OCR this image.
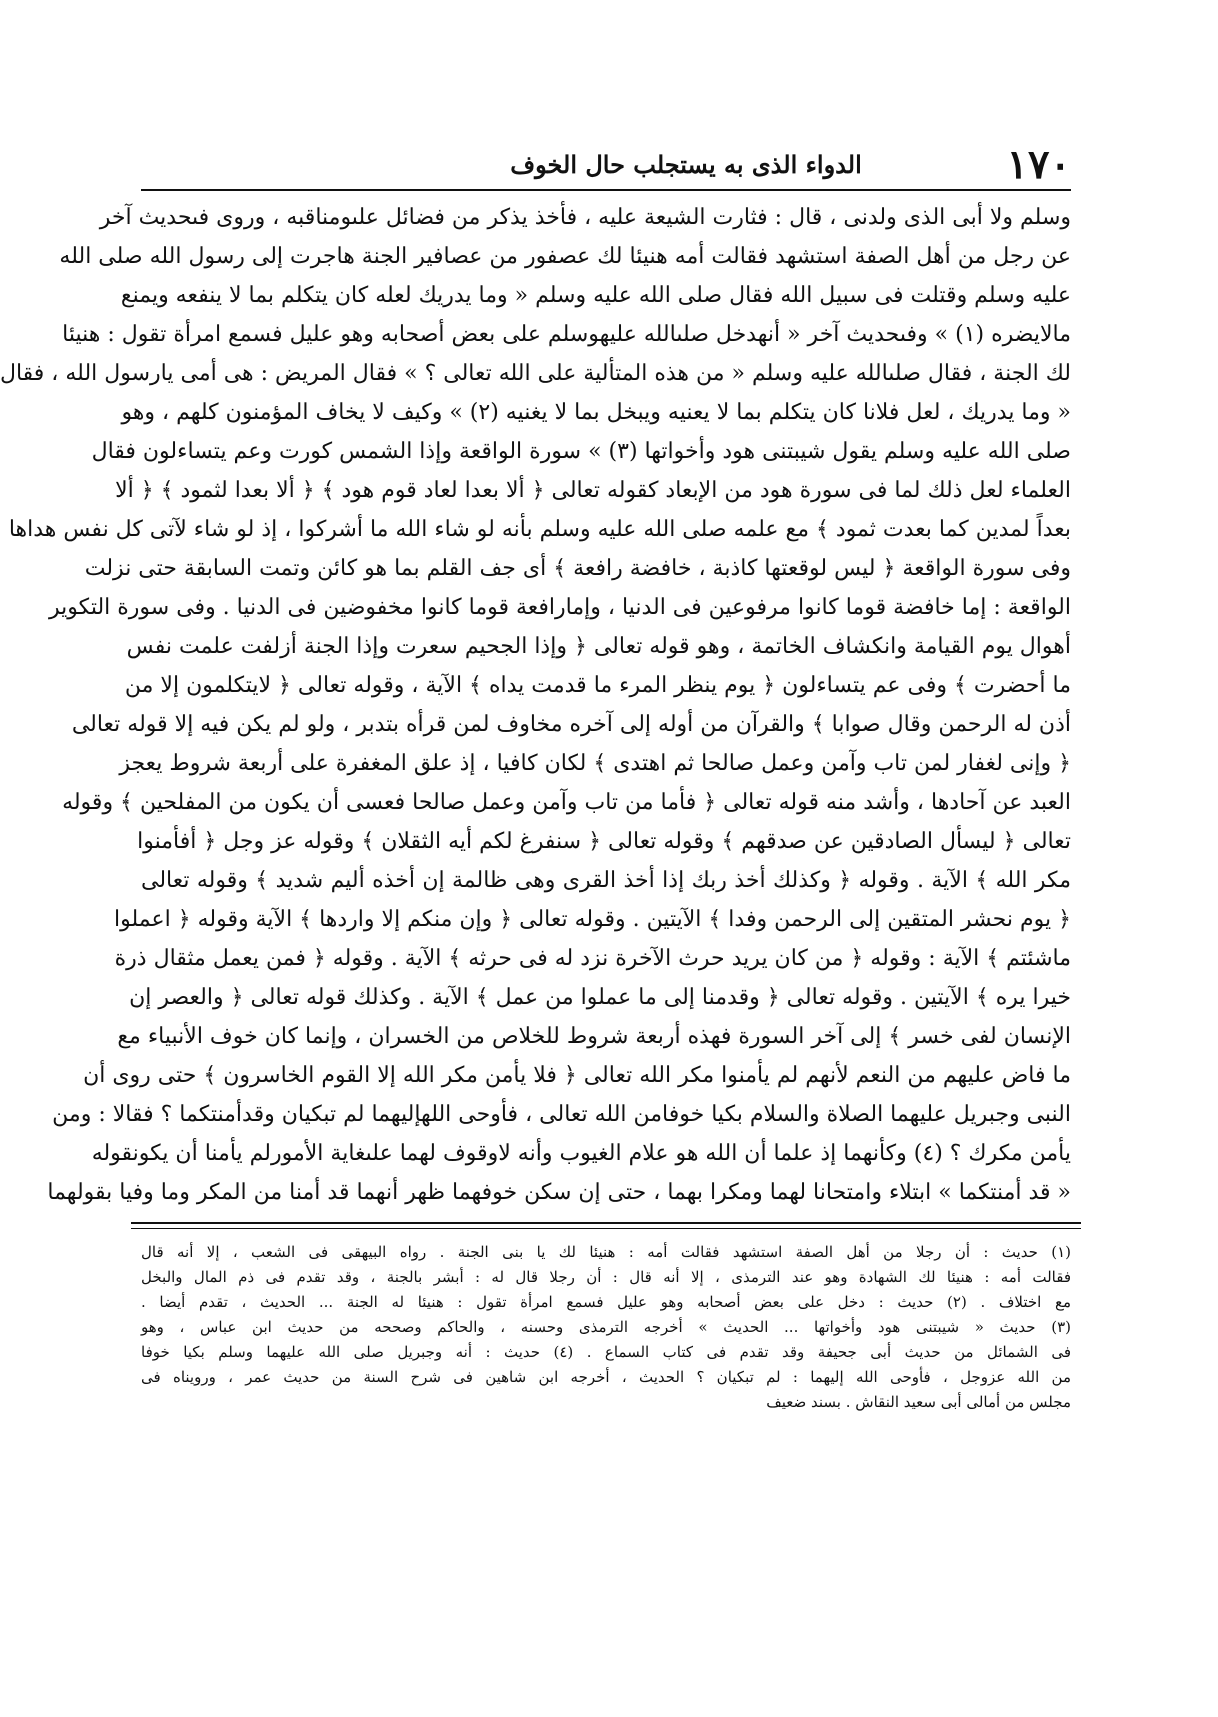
١٧٠
الدواء الذى به يستجلب حال الخوف
وسلم ولا أبى الذى ولدنى ، قال : فثارت الشيعة عليه ، فأخذ يذكر من فضائل علىومناقبه ، وروى فىحديث آخر
عن رجل من أهل الصفة استشهد فقالت أمه هنيئا لك عصفور من عصافير الجنة هاجرت إلى رسول الله صلى الله
عليه وسلم وقتلت فى سبيل الله فقال صلى الله عليه وسلم « وما يدريك لعله كان يتكلم بما لا ينفعه ويمنع
مالايضره (١) » وفىحديث آخر « أنهدخل صلىالله عليهوسلم على بعض أصحابه وهو عليل فسمع امرأة تقول : هنيئا
لك الجنة ، فقال صلىالله عليه وسلم « من هذه المتألية على الله تعالى ؟ » فقال المريض : هى أمى يارسول الله ، فقال
« وما يدريك ، لعل فلانا كان يتكلم بما لا يعنيه ويبخل بما لا يغنيه (٢) » وكيف لا يخاف المؤمنون كلهم ، وهو
صلى الله عليه وسلم يقول شيبتنى هود وأخواتها (٣) » سورة الواقعة وإذا الشمس كورت وعم يتساءلون فقال
العلماء لعل ذلك لما فى سورة هود من الإبعاد كقوله تعالى ﴿ ألا بعدا لعاد قوم هود ﴾ ﴿ ألا بعدا لثمود ﴾ ﴿ ألا
بعداً لمدين كما بعدت ثمود ﴾ مع علمه صلى الله عليه وسلم بأنه لو شاء الله ما أشركوا ، إذ لو شاء لآتى كل نفس هداها
وفى سورة الواقعة ﴿ ليس لوقعتها كاذبة ، خافضة رافعة ﴾ أى جف القلم بما هو كائن وتمت السابقة حتى نزلت
الواقعة : إما خافضة قوما كانوا مرفوعين فى الدنيا ، وإمارافعة قوما كانوا مخفوضين فى الدنيا . وفى سورة التكوير
أهوال يوم القيامة وانكشاف الخاتمة ، وهو قوله تعالى ﴿ وإذا الجحيم سعرت وإذا الجنة أزلفت علمت نفس
ما أحضرت ﴾ وفى عم يتساءلون ﴿ يوم ينظر المرء ما قدمت يداه ﴾ الآية ، وقوله تعالى ﴿ لايتكلمون إلا من
أذن له الرحمن وقال صوابا ﴾ والقرآن من أوله إلى آخره مخاوف لمن قرأه بتدبر ، ولو لم يكن فيه إلا قوله تعالى
﴿ وإنى لغفار لمن تاب وآمن وعمل صالحا ثم اهتدى ﴾ لكان كافيا ، إذ علق المغفرة على أربعة شروط يعجز
العبد عن آحادها ، وأشد منه قوله تعالى ﴿ فأما من تاب وآمن وعمل صالحا فعسى أن يكون من المفلحين ﴾ وقوله
تعالى ﴿ ليسأل الصادقين عن صدقهم ﴾ وقوله تعالى ﴿ سنفرغ لكم أيه الثقلان ﴾ وقوله عز وجل ﴿ أفأمنوا
مكر الله ﴾ الآية . وقوله ﴿ وكذلك أخذ ربك إذا أخذ القرى وهى ظالمة إن أخذه أليم شديد ﴾ وقوله تعالى
﴿ يوم نحشر المتقين إلى الرحمن وفدا ﴾ الآيتين . وقوله تعالى ﴿ وإن منكم إلا واردها ﴾ الآية وقوله ﴿ اعملوا
ماشئتم ﴾ الآية : وقوله ﴿ من كان يريد حرث الآخرة نزد له فى حرثه ﴾ الآية . وقوله ﴿ فمن يعمل مثقال ذرة
خيرا يره ﴾ الآيتين . وقوله تعالى ﴿ وقدمنا إلى ما عملوا من عمل ﴾ الآية . وكذلك قوله تعالى ﴿ والعصر إن
الإنسان لفى خسر ﴾ إلى آخر السورة فهذه أربعة شروط للخلاص من الخسران ، وإنما كان خوف الأنبياء مع
ما فاض عليهم من النعم لأنهم لم يأمنوا مكر الله تعالى ﴿ فلا يأمن مكر الله إلا القوم الخاسرون ﴾ حتى روى أن
النبى وجبريل عليهما الصلاة والسلام بكيا خوفامن الله تعالى ، فأوحى اللهإليهما لم تبكيان وقدأمنتكما ؟ فقالا : ومن
يأمن مكرك ؟ (٤) وكأنهما إذ علما أن الله هو علام الغيوب وأنه لاوقوف لهما علىغاية الأمورلم يأمنا أن يكونقوله
« قد أمنتكما » ابتلاء وامتحانا لهما ومكرا بهما ، حتى إن سكن خوفهما ظهر أنهما قد أمنا من المكر وما وفيا بقولهما
(١) حديث : أن رجلا من أهل الصفة استشهد فقالت أمه : هنيئا لك يا بنى الجنة . رواه البيهقى فى الشعب ، إلا أنه قال
فقالت أمه : هنيئا لك الشهادة وهو عند الترمذى ، إلا أنه قال : أن رجلا قال له : أبشر بالجنة ، وقد تقدم فى ذم المال والبخل
مع اختلاف . (٢) حديث : دخل على بعض أصحابه وهو عليل فسمع امرأة تقول : هنيئا له الجنة ... الحديث ، تقدم أيضا .
(٣) حديث « شيبتنى هود وأخواتها ... الحديث » أخرجه الترمذى وحسنه ، والحاكم وصححه من حديث ابن عباس ، وهو
فى الشمائل من حديث أبى جحيفة وقد تقدم فى كتاب السماع . (٤) حديث : أنه وجبريل صلى الله عليهما وسلم بكيا خوفا
من الله عزوجل ، فأوحى الله إليهما : لم تبكيان ؟ الحديث ، أخرجه ابن شاهين فى شرح السنة من حديث عمر ، ورويناه فى
مجلس من أمالى أبى سعيد النقاش . بسند ضعيف
